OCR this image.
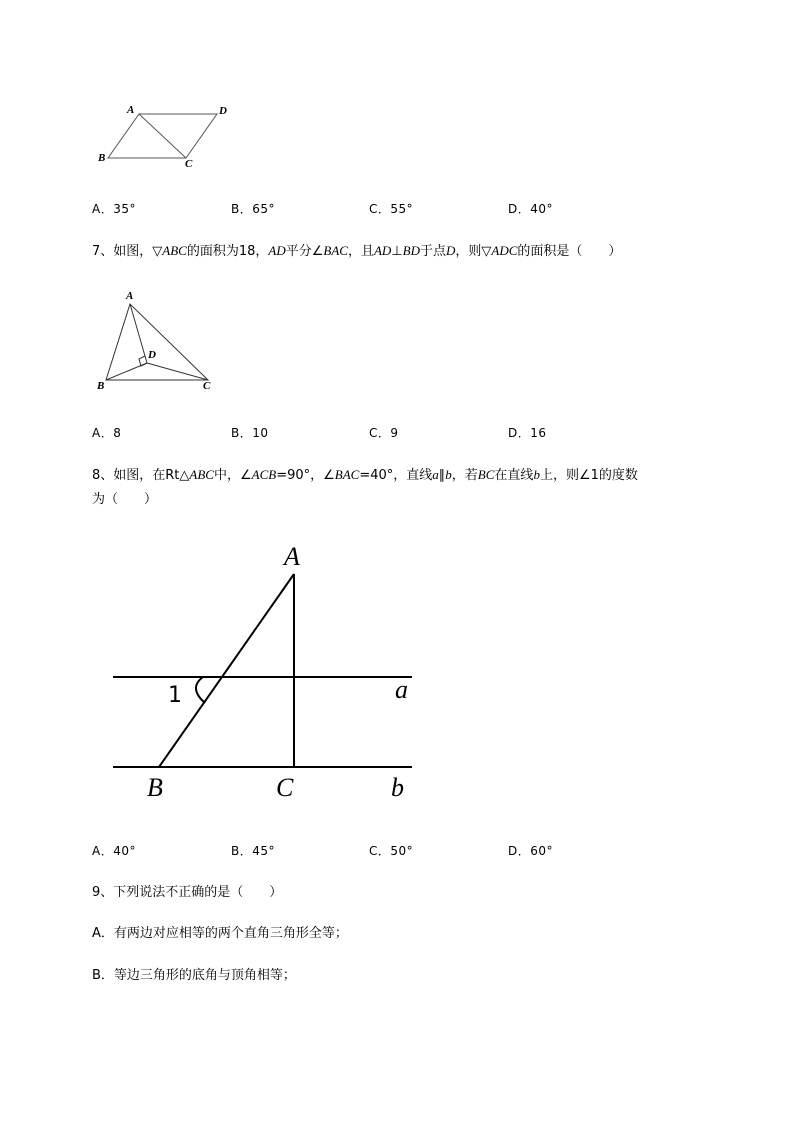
A	D
B	C
A．35°	B．65°	C．55°	D．40°
7、如图，▽ABC的面积为18，AD平分∠BAC，且AD⊥BD于点D，则▽ADC的面积是（　　）
A
D
B	C
A．8	B．10	C．9	D．16
8、如图，在Rt△ABC中，∠ACB=90°，∠BAC=40°，直线a∥b，若BC在直线b上，则∠1的度数
为（　　）
A
a
1
B	C	b
A．40°	B．45°	C．50°	D．60°
9、下列说法不正确的是（　　）
A．有两边对应相等的两个直角三角形全等；
B．等边三角形的底角与顶角相等；
